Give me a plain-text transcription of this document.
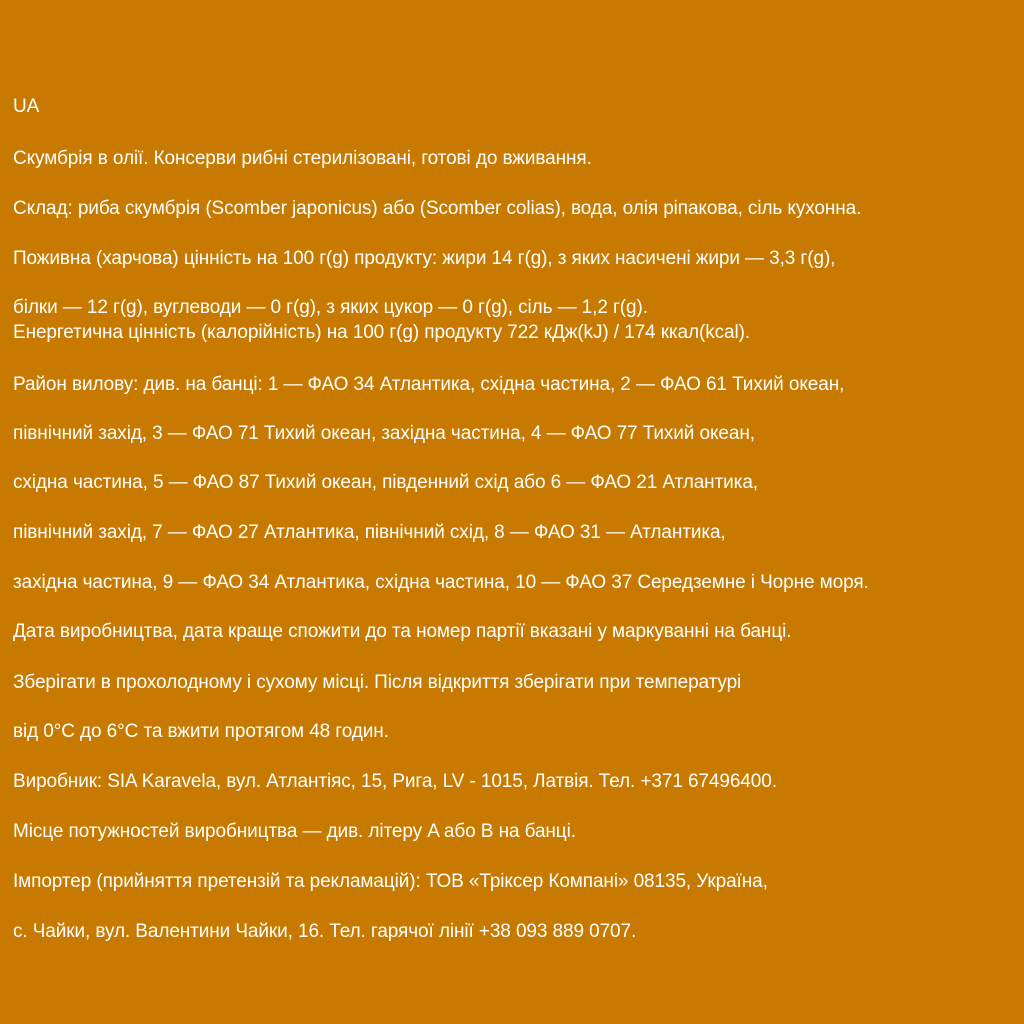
UA
Скумбрія в олії. Консерви рибні стерилізовані, готові до вживання.
Склад: риба скумбрія (Scomber japonicus) або (Scomber colias), вода, олія ріпакова, сіль кухонна.
Поживна (харчова) цінність на 100 г(g) продукту: жири 14 г(g), з яких насичені жири — 3,3 г(g),
білки — 12 г(g), вуглеводи — 0 г(g), з яких цукор — 0 г(g), сіль — 1,2 г(g).
Енергетична цінність (калорійність) на 100 г(g) продукту 722 кДж(kJ) / 174 ккал(kcal).
Район вилову: див. на банці: 1 — ФАО 34 Атлантика, східна частина, 2 — ФАО 61 Тихий океан,
північний захід, 3 — ФАО 71 Тихий океан, західна частина, 4 — ФАО 77 Тихий океан,
східна частина, 5 — ФАО 87 Тихий океан, південний схід або 6 — ФАО 21 Атлантика,
північний захід, 7 — ФАО 27 Атлантика, північний схід, 8 — ФАО 31 — Атлантика,
західна частина, 9 — ФАО 34 Атлантика, східна частина, 10 — ФАО 37 Середземне і Чорне моря.
Дата виробництва, дата краще спожити до та номер партії вказані у маркуванні на банці.
Зберігати в прохолодному і сухому місці. Після відкриття зберігати при температурі
від 0°C до 6°C та вжити протягом 48 годин.
Виробник: SIA Karavela, вул. Атлантіяс, 15, Рига, LV - 1015, Латвія. Тел. +371 67496400.
Місце потужностей виробництва — див. літеру A або B на банці.
Імпортер (прийняття претензій та рекламацій): ТОВ «Тріксер Компані» 08135, Україна,
с. Чайки, вул. Валентини Чайки, 16. Тел. гарячої лінії +38 093 889 0707.
